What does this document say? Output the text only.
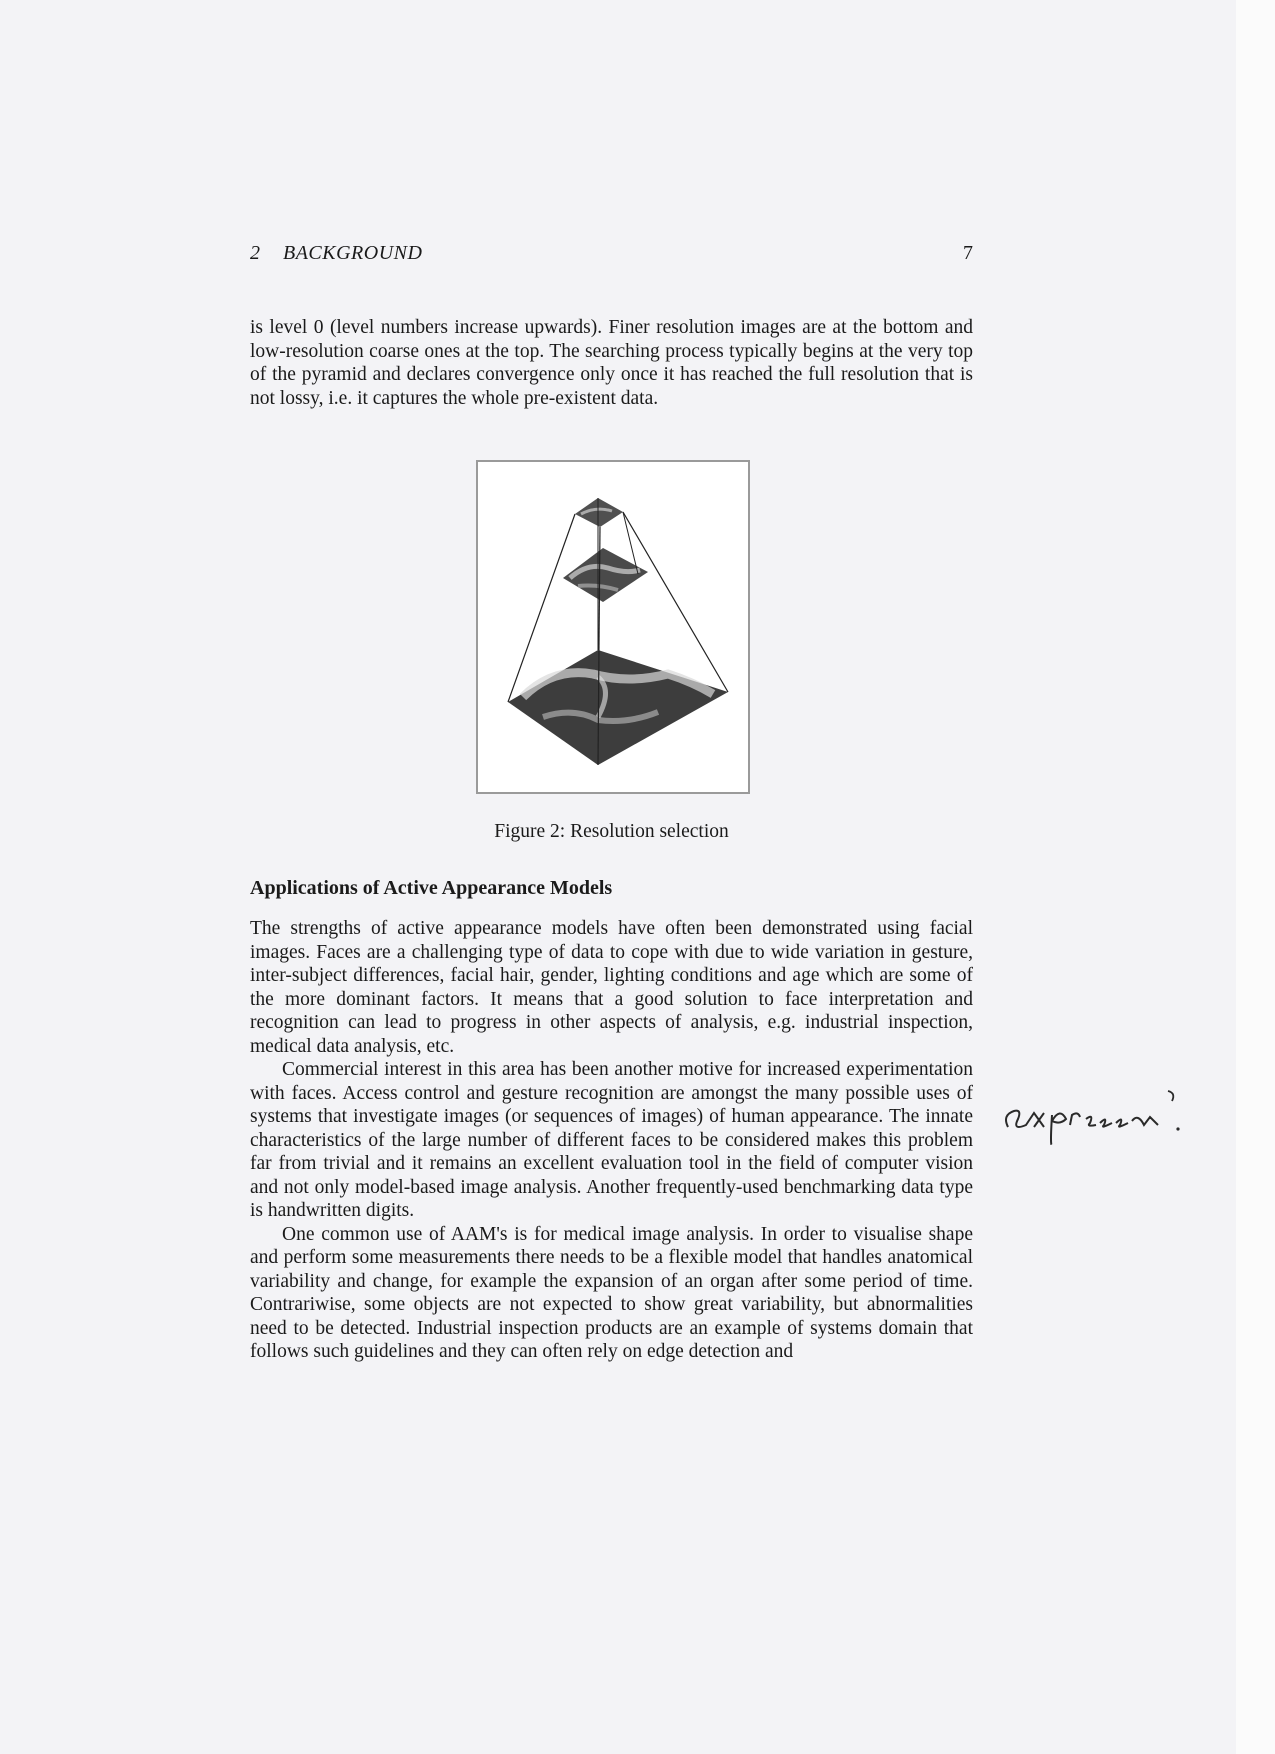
2 BACKGROUND	7

is level 0 (level numbers increase upwards). Finer resolution images are at the bottom and low-resolution coarse ones at the top. The searching process typically begins at the very top of the pyramid and declares convergence only once it has reached the full resolution that is not lossy, i.e. it captures the whole pre-existent data.

Figure 2: Resolution selection
Applications of Active Appearance Models

The strengths of active appearance models have often been demonstrated using facial images. Faces are a challenging type of data to cope with due to wide variation in gesture, inter-subject differences, facial hair, gender, lighting conditions and age which are some of the more dominant factors. It means that a good solution to face interpretation and recognition can lead to progress in other aspects of analysis, e.g. industrial inspection, medical data analysis, etc.

Commercial interest in this area has been another motive for increased experimentation with faces. Access control and gesture recognition are amongst the many possible uses of systems that investigate images (or sequences of images) of human appearance. The innate characteristics of the large number of different faces to be considered makes this problem far from trivial and it remains an excellent evaluation tool in the field of computer vision and not only model-based image analysis. Another frequently-used benchmarking data type is handwritten digits.

One common use of AAM's is for medical image analysis. In order to visualise shape and perform some measurements there needs to be a flexible model that handles anatomical variability and change, for example the expansion of an organ after some period of time. Contrariwise, some objects are not expected to show great variability, but abnormalities need to be detected. Industrial inspection products are an example of systems domain that follows such guidelines and they can often rely on edge detection and
